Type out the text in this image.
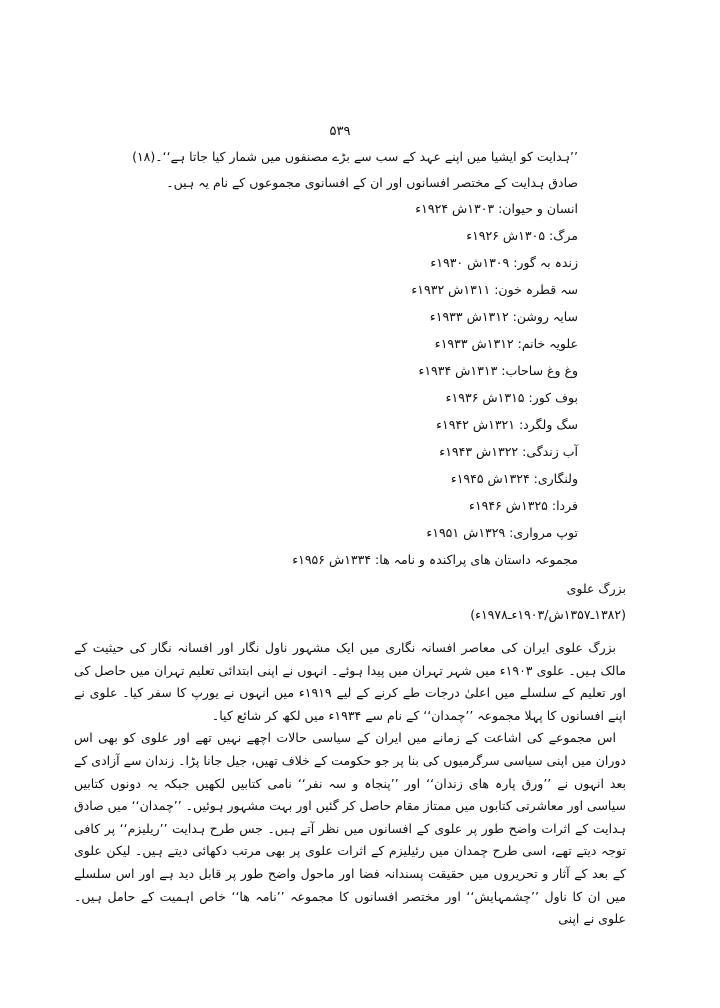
۵۳۹
’’ہدایت کو ایشیا میں اپنے عہد کے سب سے بڑے مصنفوں میں شمار کیا جاتا ہے‘‘۔(۱۸)
صادق ہدایت کے مختصر افسانوں اور ان کے افسانوی مجموعوں کے نام یہ ہیں۔
انسان و حیوان: ۱۳۰۳ش ۱۹۲۴ء
مرگ: ۱۳۰۵ش ۱۹۲۶ء
زندہ بہ گور: ۱۳۰۹ش ۱۹۳۰ء
سہ قطرہ خون: ۱۳۱۱ش ۱۹۳۲ء
سایہ روشن: ۱۳۱۲ش ۱۹۳۳ء
علویہ خانم: ۱۳۱۲ش ۱۹۳۳ء
وغ وغ ساحاب: ۱۳۱۳ش ۱۹۳۴ء
بوف کور: ۱۳۱۵ش ۱۹۳۶ء
سگ ولگرد: ۱۳۲۱ش ۱۹۴۲ء
آب زندگی: ۱۳۲۲ش ۱۹۴۳ء
ولنگاری: ۱۳۲۴ش ۱۹۴۵ء
فردا: ۱۳۲۵ش ۱۹۴۶ء
توپ مرواری: ۱۳۲۹ش ۱۹۵۱ء
مجموعہ داستان ھای پراکندہ و نامہ ھا: ۱۳۳۴ش ۱۹۵۶ء
بزرگ علوی
(۱۳۸۲ـ۱۳۵۷ش/۱۹۰۳ءـ۱۹۷۸ء)

بزرگ علوی ایران کی معاصر افسانہ نگاری میں ایک مشہور ناول نگار اور افسانہ نگار کی حیثیت کے مالک ہیں۔ علوی ۱۹۰۳ء میں شہر تہران میں پیدا ہوئے۔ انہوں نے اپنی ابتدائی تعلیم تہران میں حاصل کی اور تعلیم کے سلسلے میں اعلیٰ درجات طے کرنے کے لیے ۱۹۱۹ء میں انہوں نے یورپ کا سفر کیا۔ علوی نے اپنے افسانوں کا پہلا مجموعہ ’’چمدان‘‘ کے نام سے ۱۹۳۴ء میں لکھ کر شائع کیا۔

اس مجموعے کی اشاعت کے زمانے میں ایران کے سیاسی حالات اچھے نہیں تھے اور علوی کو بھی اس دوران میں اپنی سیاسی سرگرمیوں کی بنا پر جو حکومت کے خلاف تھیں، جیل جانا پڑا۔ زندان سے آزادی کے بعد انہوں نے ’’ورق پارہ ھای زندان‘‘ اور ’’پنجاہ و سہ نفر‘‘ نامی کتابیں لکھیں جبکہ یہ دونوں کتابیں سیاسی اور معاشرتی کتابوں میں ممتاز مقام حاصل کر گئیں اور بہت مشہور ہوئیں۔ ’’چمدان‘‘ میں صادق ہدایت کے اثرات واضح طور پر علوی کے افسانوں میں نظر آتے ہیں۔ جس طرح ہدایت ’’ریلیزم‘‘ پر کافی توجہ دیتے تھے، اسی طرح چمدان میں رئیلیزم کے اثرات علوی پر بھی مرتب دکھائی دیتے ہیں۔ لیکن علوی کے بعد کے آثار و تحریروں میں حقیقت پسندانہ فضا اور ماحول واضح طور پر قابل دید ہے اور اس سلسلے میں ان کا ناول ’’چشمہایش‘‘ اور مختصر افسانوں کا مجموعہ ’’نامہ ھا‘‘ خاص اہمیت کے حامل ہیں۔ علوی نے اپنی
